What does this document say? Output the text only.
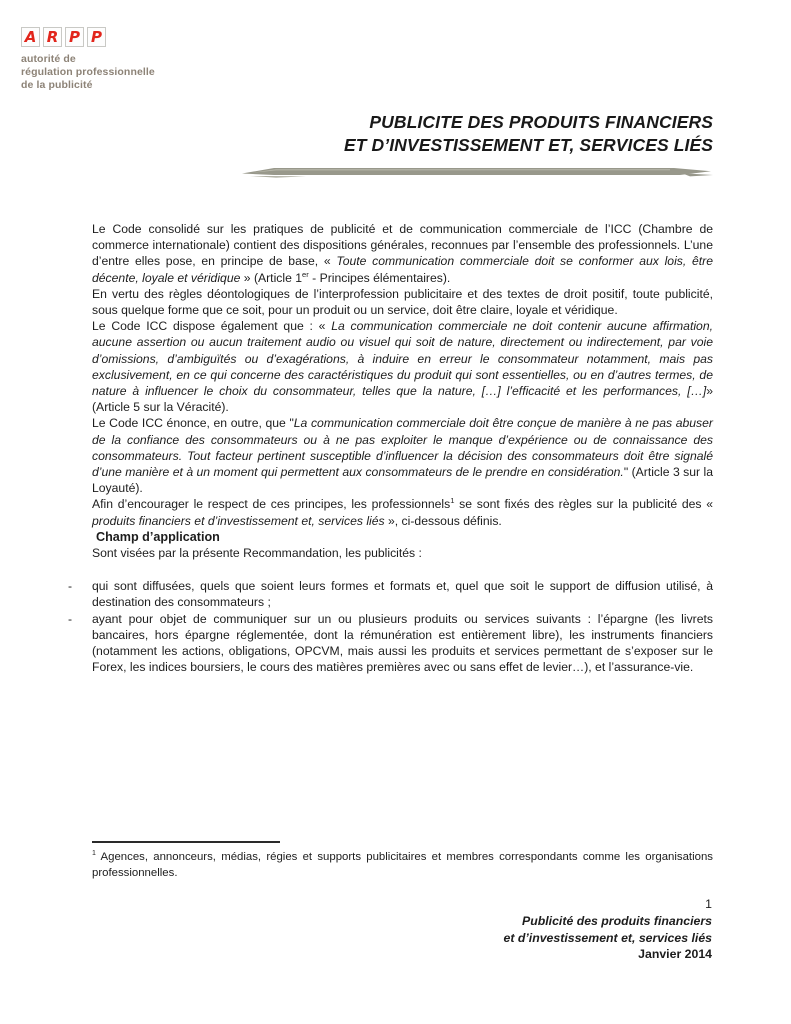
A R P P
autorité de
régulation professionnelle
de la publicité
PUBLICITE DES PRODUITS FINANCIERS
ET D’INVESTISSEMENT ET, SERVICES LIÉS

Le Code consolidé sur les pratiques de publicité et de communication commerciale de l’ICC (Chambre de commerce internationale) contient des dispositions générales, reconnues par l’ensemble des professionnels. L’une d’entre elles pose, en principe de base, « Toute communication commerciale doit se conformer aux lois, être décente, loyale et véridique » (Article 1er - Principes élémentaires).

En vertu des règles déontologiques de l’interprofession publicitaire et des textes de droit positif, toute publicité, sous quelque forme que ce soit, pour un produit ou un service, doit être claire, loyale et véridique.

Le Code ICC dispose également que : « La communication commerciale ne doit contenir aucune affirmation, aucune assertion ou aucun traitement audio ou visuel qui soit de nature, directement ou indirectement, par voie d’omissions, d’ambiguïtés ou d’exagérations, à induire en erreur le consommateur notamment, mais pas exclusivement, en ce qui concerne des caractéristiques du produit qui sont essentielles, ou en d’autres termes, de nature à influencer le choix du consommateur, telles que la nature, […] l’efficacité et les performances, […]» (Article 5 sur la Véracité).

Le Code ICC énonce, en outre, que "La communication commerciale doit être conçue de manière à ne pas abuser de la confiance des consommateurs ou à ne pas exploiter le manque d’expérience ou de connaissance des consommateurs. Tout facteur pertinent susceptible d’influencer la décision des consommateurs doit être signalé d’une manière et à un moment qui permettent aux consommateurs de le prendre en considération." (Article 3 sur la Loyauté).

Afin d’encourager le respect de ces principes, les professionnels$^1$ se sont fixés des règles sur la publicité des « produits financiers et d’investissement et, services liés », ci-dessous définis.

Champ d’application

Sont visées par la présente Recommandation, les publicités :

-	qui sont diffusées, quels que soient leurs formes et formats et, quel que soit le support de diffusion utilisé, à destination des consommateurs ;
-	ayant pour objet de communiquer sur un ou plusieurs produits ou services suivants : l’épargne (les livrets bancaires, hors épargne réglementée, dont la rémunération est entièrement libre), les instruments financiers (notamment les actions, obligations, OPCVM, mais aussi les produits et services permettant de s’exposer sur le Forex, les indices boursiers, le cours des matières premières avec ou sans effet de levier…), et l’assurance-vie.

$^1$ Agences, annonceurs, médias, régies et supports publicitaires et membres correspondants comme les organisations professionnelles.

1
Publicité des produits financiers
et d’investissement et, services liés
Janvier 2014
